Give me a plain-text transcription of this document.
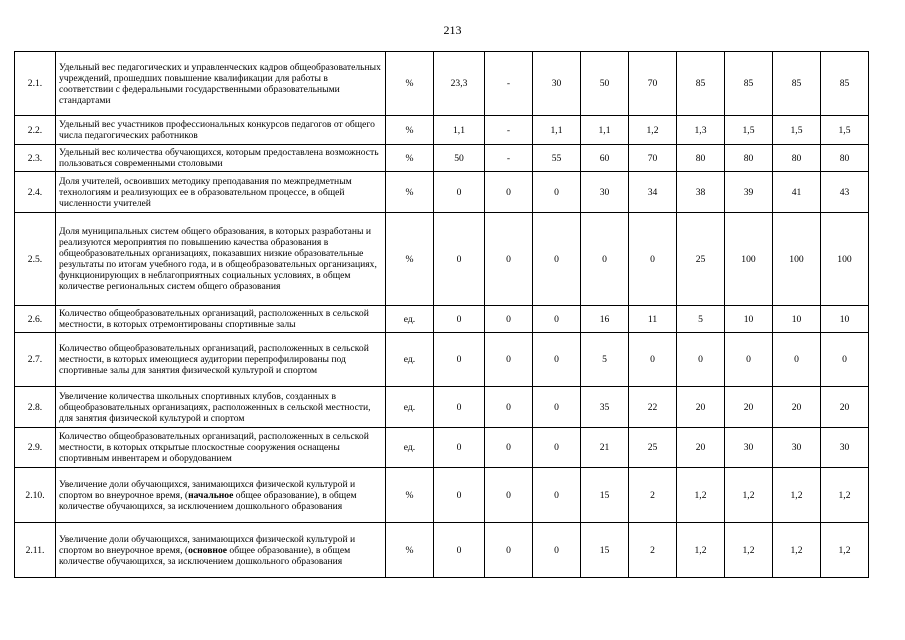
213
2.1.	Удельный вес педагогических и управленческих кадров общеобразовательных учреждений, прошедших повышение квалификации для работы в соответствии с федеральными государственными образовательными стандартами	%	23,3	-	30	50	70	85	85	85	85
2.2.	Удельный вес участников профессиональных конкурсов педагогов от общего числа педагогических работников	%	1,1	-	1,1	1,1	1,2	1,3	1,5	1,5	1,5
2.3.	Удельный вес количества обучающихся, которым предоставлена возможность пользоваться современными столовыми	%	50	-	55	60	70	80	80	80	80
2.4.	Доля учителей, освоивших методику преподавания по межпредметным технологиям и реализующих ее в образовательном процессе, в общей численности учителей	%	0	0	0	30	34	38	39	41	43
2.5.	Доля муниципальных систем общего образования, в которых разработаны и реализуются мероприятия по повышению качества образования в общеобразовательных организациях, показавших низкие образовательные результаты по итогам учебного года, и в общеобразовательных организациях, функционирующих в неблагоприятных социальных условиях, в общем количестве региональных систем общего образования	%	0	0	0	0	0	25	100	100	100
2.6.	Количество общеобразовательных организаций, расположенных в сельской местности, в которых отремонтированы спортивные залы	ед.	0	0	0	16	11	5	10	10	10
2.7.	Количество общеобразовательных организаций, расположенных в сельской местности, в которых имеющиеся аудитории перепрофилированы под спортивные залы для занятия физической культурой и спортом	ед.	0	0	0	5	0	0	0	0	0
2.8.	Увеличение количества школьных спортивных клубов, созданных в общеобразовательных организациях, расположенных в сельской местности, для занятия физической культурой и спортом	ед.	0	0	0	35	22	20	20	20	20
2.9.	Количество общеобразовательных организаций, расположенных в сельской местности, в которых открытые плоскостные сооружения оснащены спортивным инвентарем и оборудованием	ед.	0	0	0	21	25	20	30	30	30
2.10.	Увеличение доли обучающихся, занимающихся физической культурой и спортом во внеурочное время, (начальное общее образование), в общем количестве обучающихся, за исключением дошкольного образования	%	0	0	0	15	2	1,2	1,2	1,2	1,2
2.11.	Увеличение доли обучающихся, занимающихся физической культурой и спортом во внеурочное время, (основное общее образование), в общем количестве обучающихся, за исключением дошкольного образования	%	0	0	0	15	2	1,2	1,2	1,2	1,2
